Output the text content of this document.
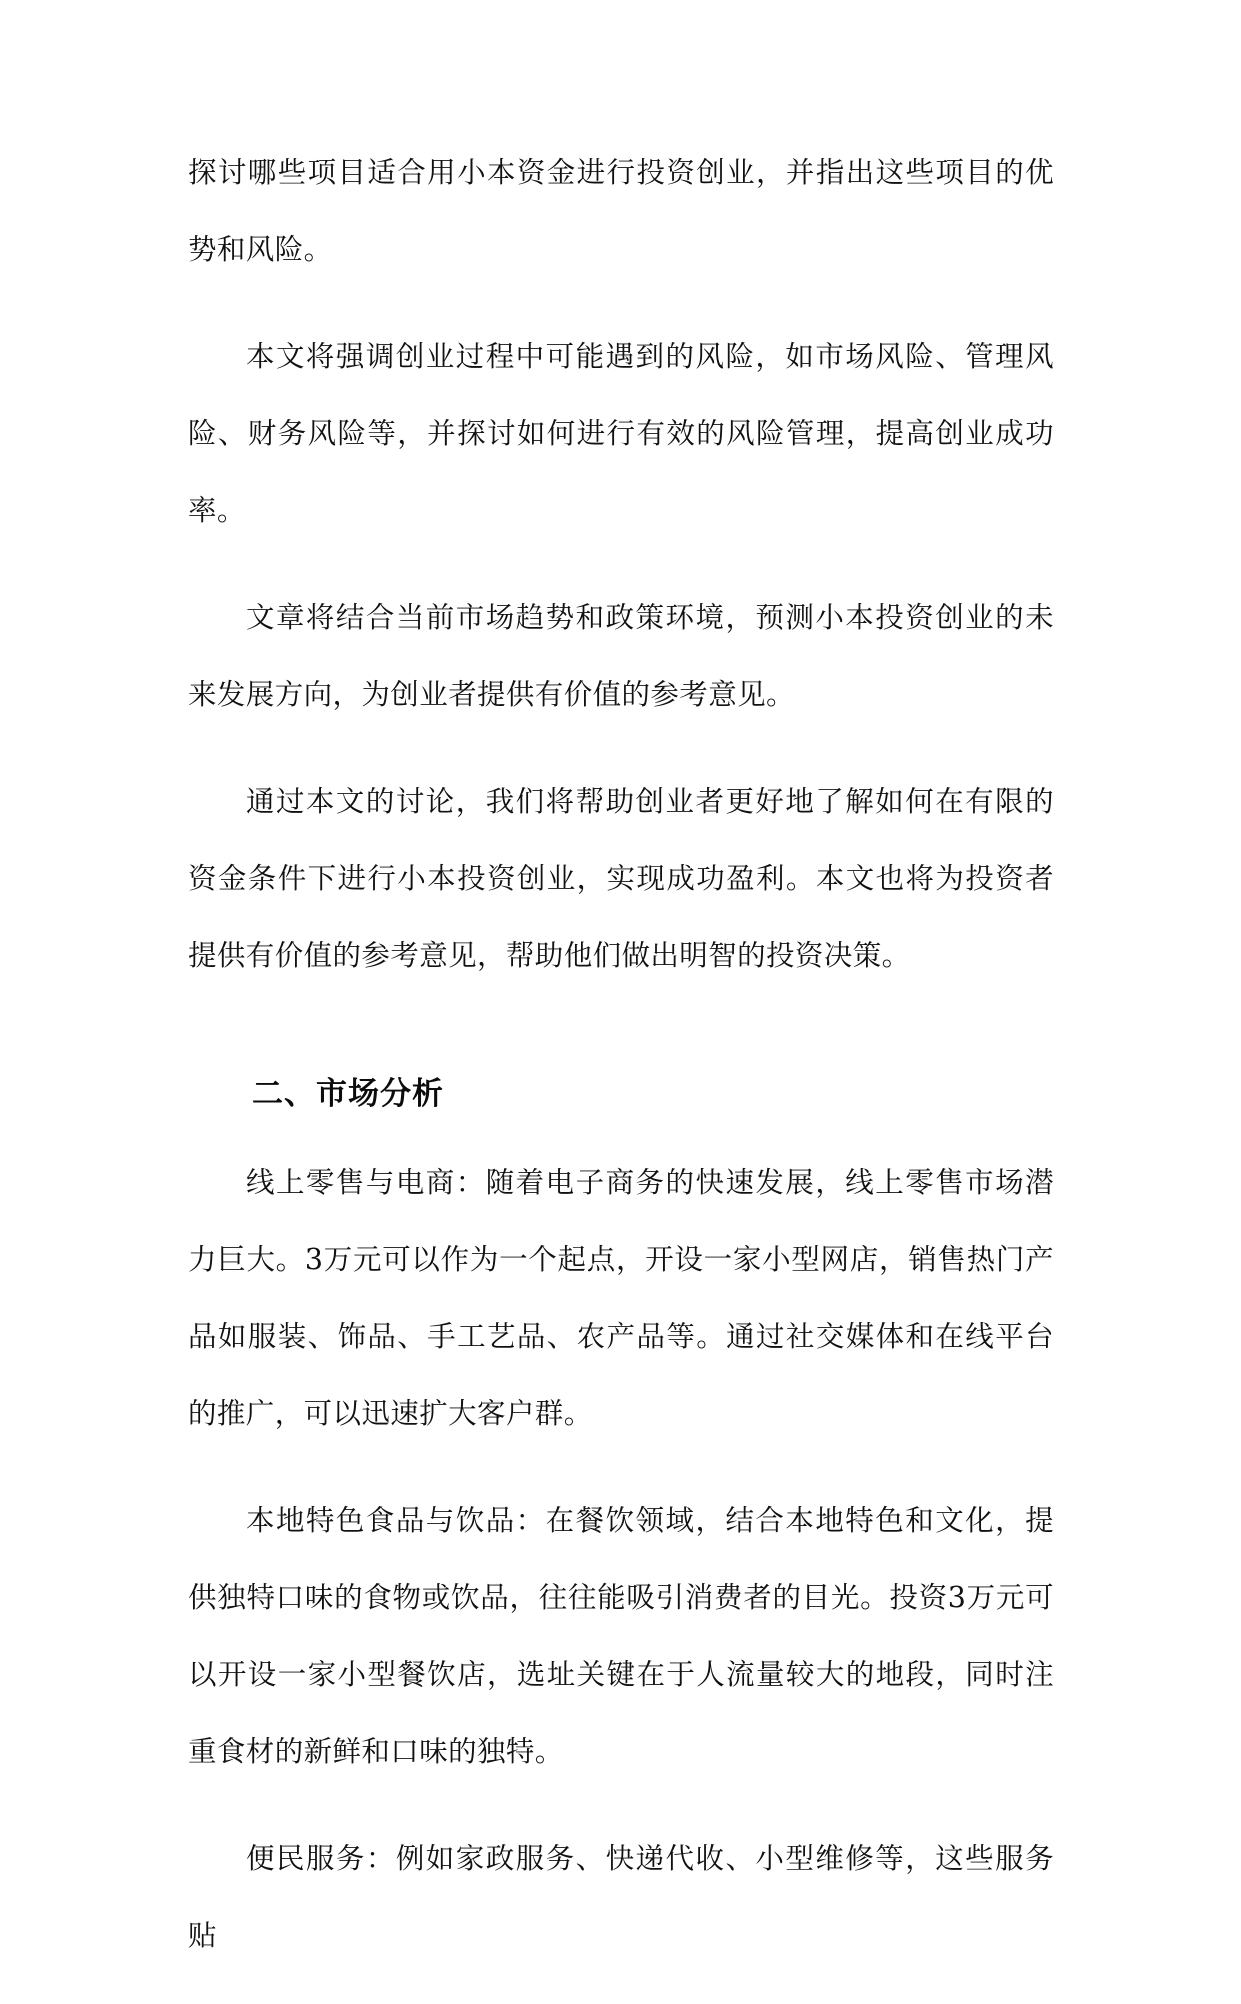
探讨哪些项目适合用小本资金进行投资创业，并指出这些项目的优势和风险。

本文将强调创业过程中可能遇到的风险，如市场风险、管理风险、财务风险等，并探讨如何进行有效的风险管理，提高创业成功率。

文章将结合当前市场趋势和政策环境，预测小本投资创业的未来发展方向，为创业者提供有价值的参考意见。

通过本文的讨论，我们将帮助创业者更好地了解如何在有限的资金条件下进行小本投资创业，实现成功盈利。本文也将为投资者提供有价值的参考意见，帮助他们做出明智的投资决策。

二、市场分析

线上零售与电商：随着电子商务的快速发展，线上零售市场潜力巨大。3万元可以作为一个起点，开设一家小型网店，销售热门产品如服装、饰品、手工艺品、农产品等。通过社交媒体和在线平台的推广，可以迅速扩大客户群。

本地特色食品与饮品：在餐饮领域，结合本地特色和文化，提供独特口味的食物或饮品，往往能吸引消费者的目光。投资3万元可以开设一家小型餐饮店，选址关键在于人流量较大的地段，同时注重食材的新鲜和口味的独特。

便民服务：例如家政服务、快递代收、小型维修等，这些服务贴
